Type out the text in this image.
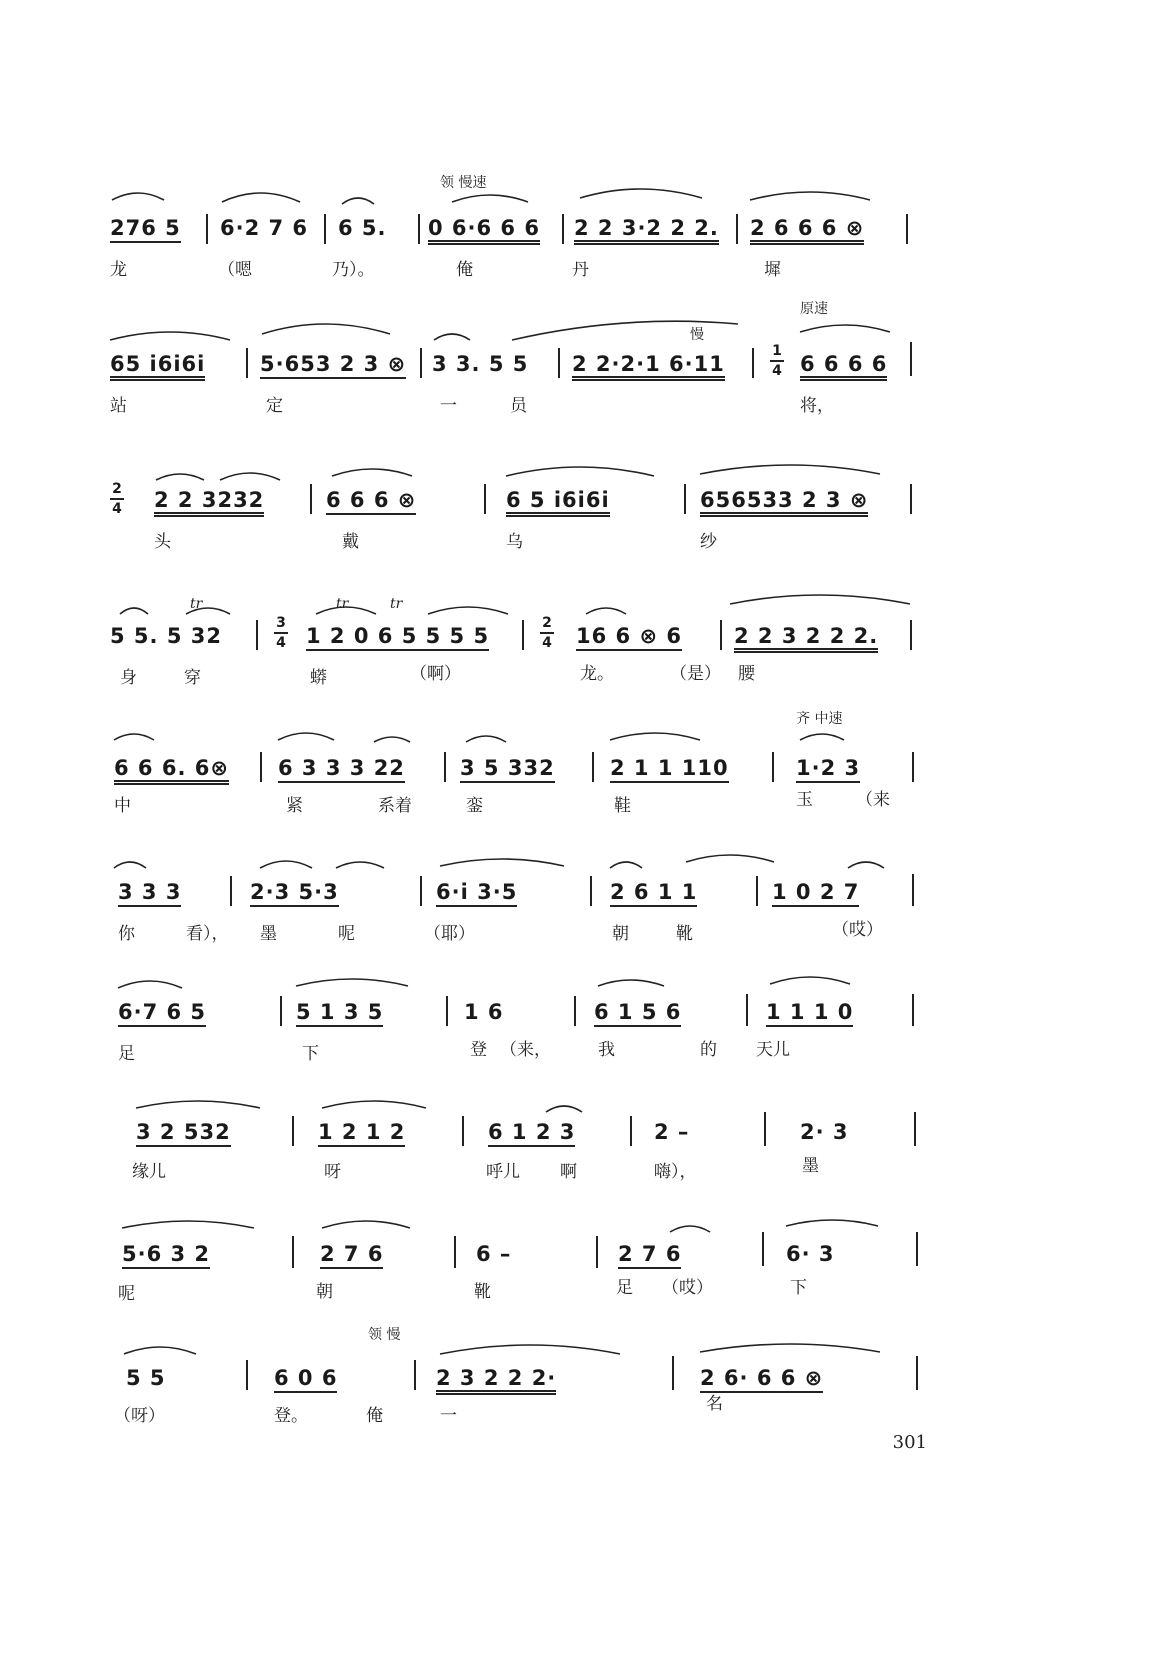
领 慢速
276 5 6·2 7 6 6 5. 0 6·6 6 6 2 2 3·2 2 2. 2 6 6 6 ⊗
龙	（嗯	乃）。	俺	丹	墀
原速
慢
65 i6i6i	5·653 2 3 ⊗ 3 3. 5 5 2 2·2·1 6·11
1
4 6 6 6 6
站	定	一	员	将，
2
4 2 2 3232	6 6 6 ⊗	6 5 i6i6i	656533 2 3 ⊗
头	戴	乌	纱
5 5. 5 32
3
4 1 2 0 6 5 5 5 5
2
4 16 6 ⊗ 6 2 2 3 2 2 2.
tr	tr	tr
身	穿	蟒	（啊）	龙。	（是） 腰
齐 中速
6 6 6. 6⊗ 6 3 3 3 22	3 5 332	2 1 1 110	1·2 3
中	紧	系着	銮	鞋	玉	（来
3 3 3	2·3 5·3	6·i 3·5	2 6 1 1	1 0 2 7
你	看）， 墨	呢	（耶）	朝	靴	（哎）
6·7 6 5	5 1 3 5	1 6	6 1 5 6	1 1 1 0
足	下	登 （来，	我	的 天儿
3 2 532	1 2 1 2	6 1 2 3	2 –	2· 3
缘儿	呀	呼儿 啊	嗨），	墨
5·6 3 2	2 7 6	6 –	2 7 6	6· 3
呢	朝	靴	足 （哎）	下
领 慢
5 5	6 0 6	2 3 2 2 2·	2 6· 6 6 ⊗
（呀）	登。	俺	一
名
301
